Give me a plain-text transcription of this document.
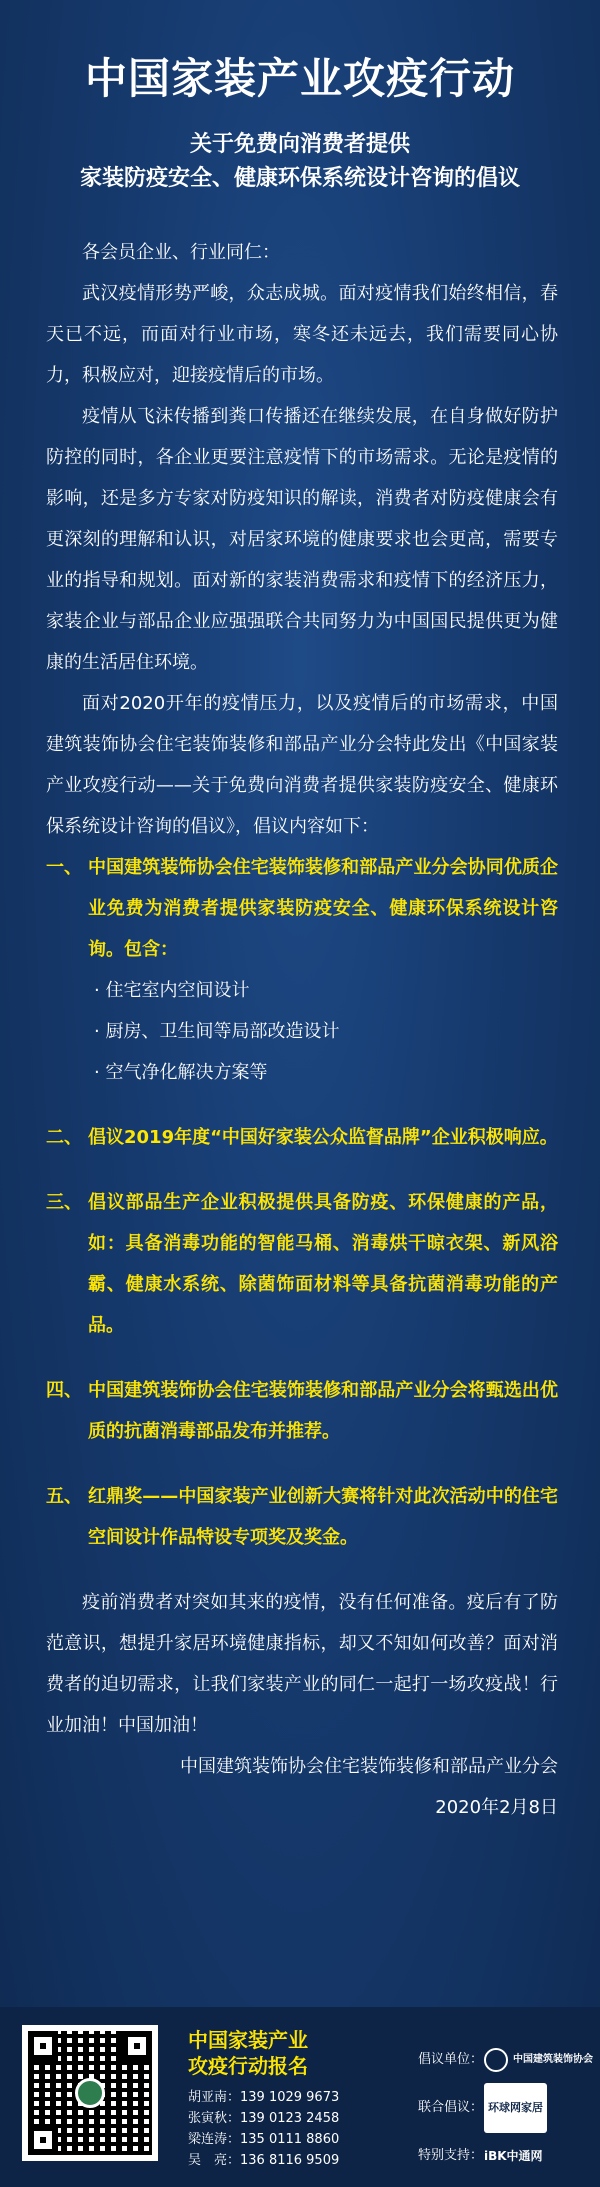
中国家装产业攻疫行动
关于免费向消费者提供
家装防疫安全、健康环保系统设计咨询的倡议

各会员企业、行业同仁：

武汉疫情形势严峻，众志成城。面对疫情我们始终相信，春天已不远，而面对行业市场，寒冬还未远去，我们需要同心协力，积极应对，迎接疫情后的市场。

疫情从飞沫传播到粪口传播还在继续发展，在自身做好防护防控的同时，各企业更要注意疫情下的市场需求。无论是疫情的影响，还是多方专家对防疫知识的解读，消费者对防疫健康会有更深刻的理解和认识，对居家环境的健康要求也会更高，需要专业的指导和规划。面对新的家装消费需求和疫情下的经济压力，家装企业与部品企业应强强联合共同努力为中国国民提供更为健康的生活居住环境。

面对2020开年的疫情压力，以及疫情后的市场需求，中国建筑装饰协会住宅装饰装修和部品产业分会特此发出《中国家装产业攻疫行动——关于免费向消费者提供家装防疫安全、健康环保系统设计咨询的倡议》，倡议内容如下：

一、 中国建筑装饰协会住宅装饰装修和部品产业分会协同优质企业免费为消费者提供家装防疫安全、健康环保系统设计咨询。包含：
· 住宅室内空间设计
· 厨房、卫生间等局部改造设计
· 空气净化解决方案等
二、 倡议2019年度“中国好家装公众监督品牌”企业积极响应。
三、 倡议部品生产企业积极提供具备防疫、环保健康的产品，如：具备消毒功能的智能马桶、消毒烘干晾衣架、新风浴霸、健康水系统、除菌饰面材料等具备抗菌消毒功能的产品。
四、 中国建筑装饰协会住宅装饰装修和部品产业分会将甄选出优质的抗菌消毒部品发布并推荐。
五、 红鼎奖——中国家装产业创新大赛将针对此次活动中的住宅空间设计作品特设专项奖及奖金。

疫前消费者对突如其来的疫情，没有任何准备。疫后有了防范意识，想提升家居环境健康指标，却又不知如何改善？面对消费者的迫切需求，让我们家装产业的同仁一起打一场攻疫战！行业加油！中国加油！

中国建筑装饰协会住宅装饰装修和部品产业分会

2020年2月8日

中国家装产业
攻疫行动报名
胡亚南：139 1029 9673
张寅秋：139 0123 2458
梁连涛：135 0111 8860
吴　亮：136 8116 9509
倡议单位：	中国建筑装饰协会
联合倡议： 环球网家居
特别支持： iBK中通网
